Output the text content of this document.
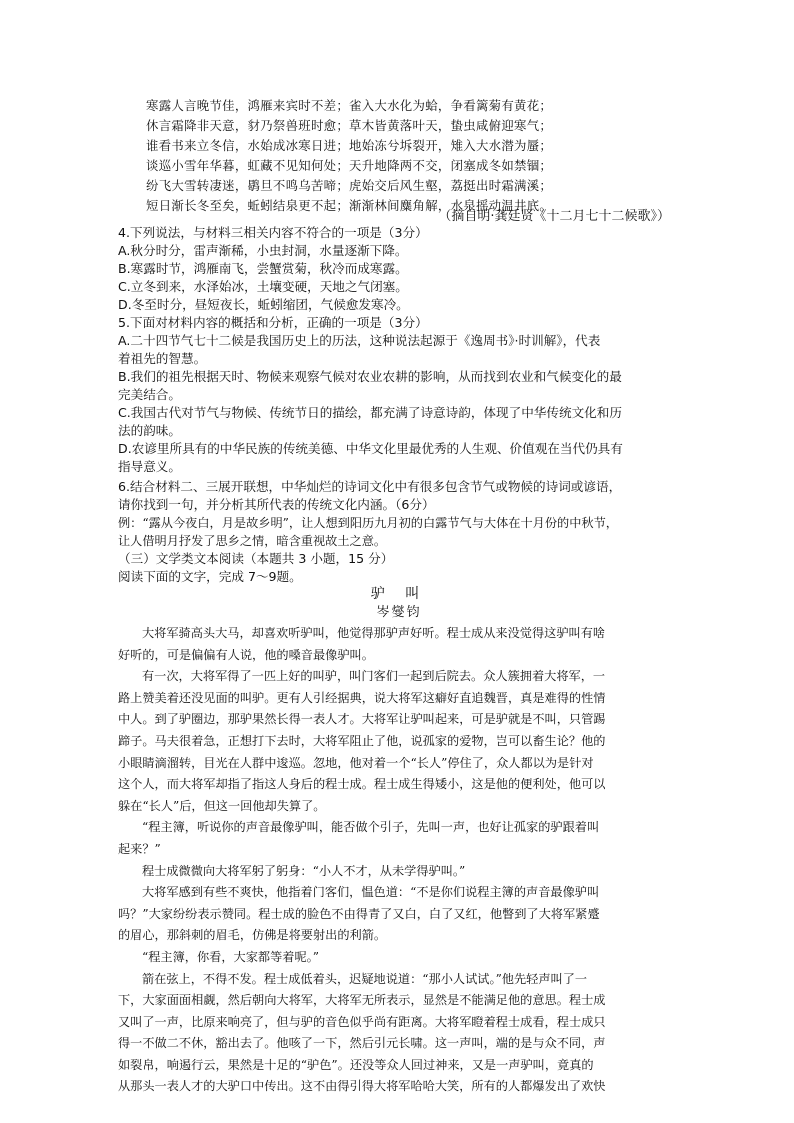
寒露人言晚节佳，鸿雁来宾时不差；雀入大水化为蛤，争看篱菊有黄花；
休言霜降非天意，豺乃祭兽班时愈；草木皆黄落叶天，蛰虫咸俯迎寒气；
谁看书来立冬信，水始成冰寒日进；地始冻兮坼裂开，雉入大水潜为蜃；
谈巡小雪年华暮，虹藏不见知何处；天升地降两不交，闭塞成冬如禁锢；
纷飞大雪转凄迷，鹖旦不鸣乌苦啼；虎始交后风生壑，荔挺出时霜满溪；
短日渐长冬至矣，蚯蚓结泉更不起；渐渐林间麋角解，水泉摇动温井底。
（摘自明·龚廷贤《十二月七十二候歌》）
4.下列说法，与材料三相关内容不符合的一项是（3分）
A.秋分时分，雷声渐稀，小虫封洞，水量逐渐下降。
B.寒露时节，鸿雁南飞，尝蟹赏菊，秋冷而成寒露。
C.立冬到来，水泽始冰，土壤变硬，天地之气闭塞。
D.冬至时分，昼短夜长，蚯蚓缩团，气候愈发寒冷。
5.下面对材料内容的概括和分析，正确的一项是（3分）
A.二十四节气七十二候是我国历史上的历法，这种说法起源于《逸周书》·时训解》，代表
着祖先的智慧。
B.我们的祖先根据天时、物候来观察气候对农业农耕的影响，从而找到农业和气候变化的最
完美结合。
C.我国古代对节气与物候、传统节日的描绘，都充满了诗意诗韵，体现了中华传统文化和历
法的韵味。
D.农谚里所具有的中华民族的传统美德、中华文化里最优秀的人生观、价值观在当代仍具有
指导意义。
6.结合材料二、三展开联想，中华灿烂的诗词文化中有很多包含节气或物候的诗词或谚语，
请你找到一句，并分析其所代表的传统文化内涵。（6分）
例：“露从今夜白，月是故乡明”，让人想到阳历九月初的白露节气与大体在十月份的中秋节，
让人借明月抒发了思乡之情，暗含重视故土之意。
（三）文学类文本阅读（本题共 3 小题，15 分）
阅读下面的文字，完成 7～9题。
驴 叫
岑燮钧
大将军骑高头大马，却喜欢听驴叫，他觉得那驴声好听。程士成从来没觉得这驴叫有啥
好听的，可是偏偏有人说，他的嗓音最像驴叫。
有一次，大将军得了一匹上好的叫驴，叫门客们一起到后院去。众人簇拥着大将军，一
路上赞美着还没见面的叫驴。更有人引经据典，说大将军这癖好直追魏晋，真是难得的性情
中人。到了驴圈边，那驴果然长得一表人才。大将军让驴叫起来，可是驴就是不叫，只管踢
蹄子。马夫很着急，正想打下去时，大将军阻止了他，说孤家的爱物，岂可以畜生论？他的
小眼睛滴溜转，目光在人群中逡巡。忽地，他对着一个“长人”停住了，众人都以为是针对
这个人，而大将军却指了指这人身后的程士成。程士成生得矮小，这是他的便利处，他可以
躲在“长人”后，但这一回他却失算了。
“程主簿，听说你的声音最像驴叫，能否做个引子，先叫一声，也好让孤家的驴跟着叫
起来？”
程士成微微向大将军躬了躬身：“小人不才，从未学得驴叫。”
大将军感到有些不爽快，他指着门客们，愠色道：“不是你们说程主簿的声音最像驴叫
吗？”大家纷纷表示赞同。程士成的脸色不由得青了又白，白了又红，他瞥到了大将军紧蹙
的眉心，那斜刺的眉毛，仿佛是将要射出的利箭。
“程主簿，你看，大家都等着呢。”
箭在弦上，不得不发。程士成低着头，迟疑地说道：“那小人试试。”他先轻声叫了一
下，大家面面相觑，然后朝向大将军，大将军无所表示，显然是不能满足他的意思。程士成
又叫了一声，比原来响亮了，但与驴的音色似乎尚有距离。大将军瞪着程士成看，程士成只
得一不做二不休，豁出去了。他咳了一下，然后引元长啸。这一声叫，端的是与众不同，声
如裂帛，响遏行云，果然是十足的“驴色”。还没等众人回过神来，又是一声驴叫，竟真的
从那头一表人才的大驴口中传出。这不由得引得大将军哈哈大笑，所有的人都爆发出了欢快
